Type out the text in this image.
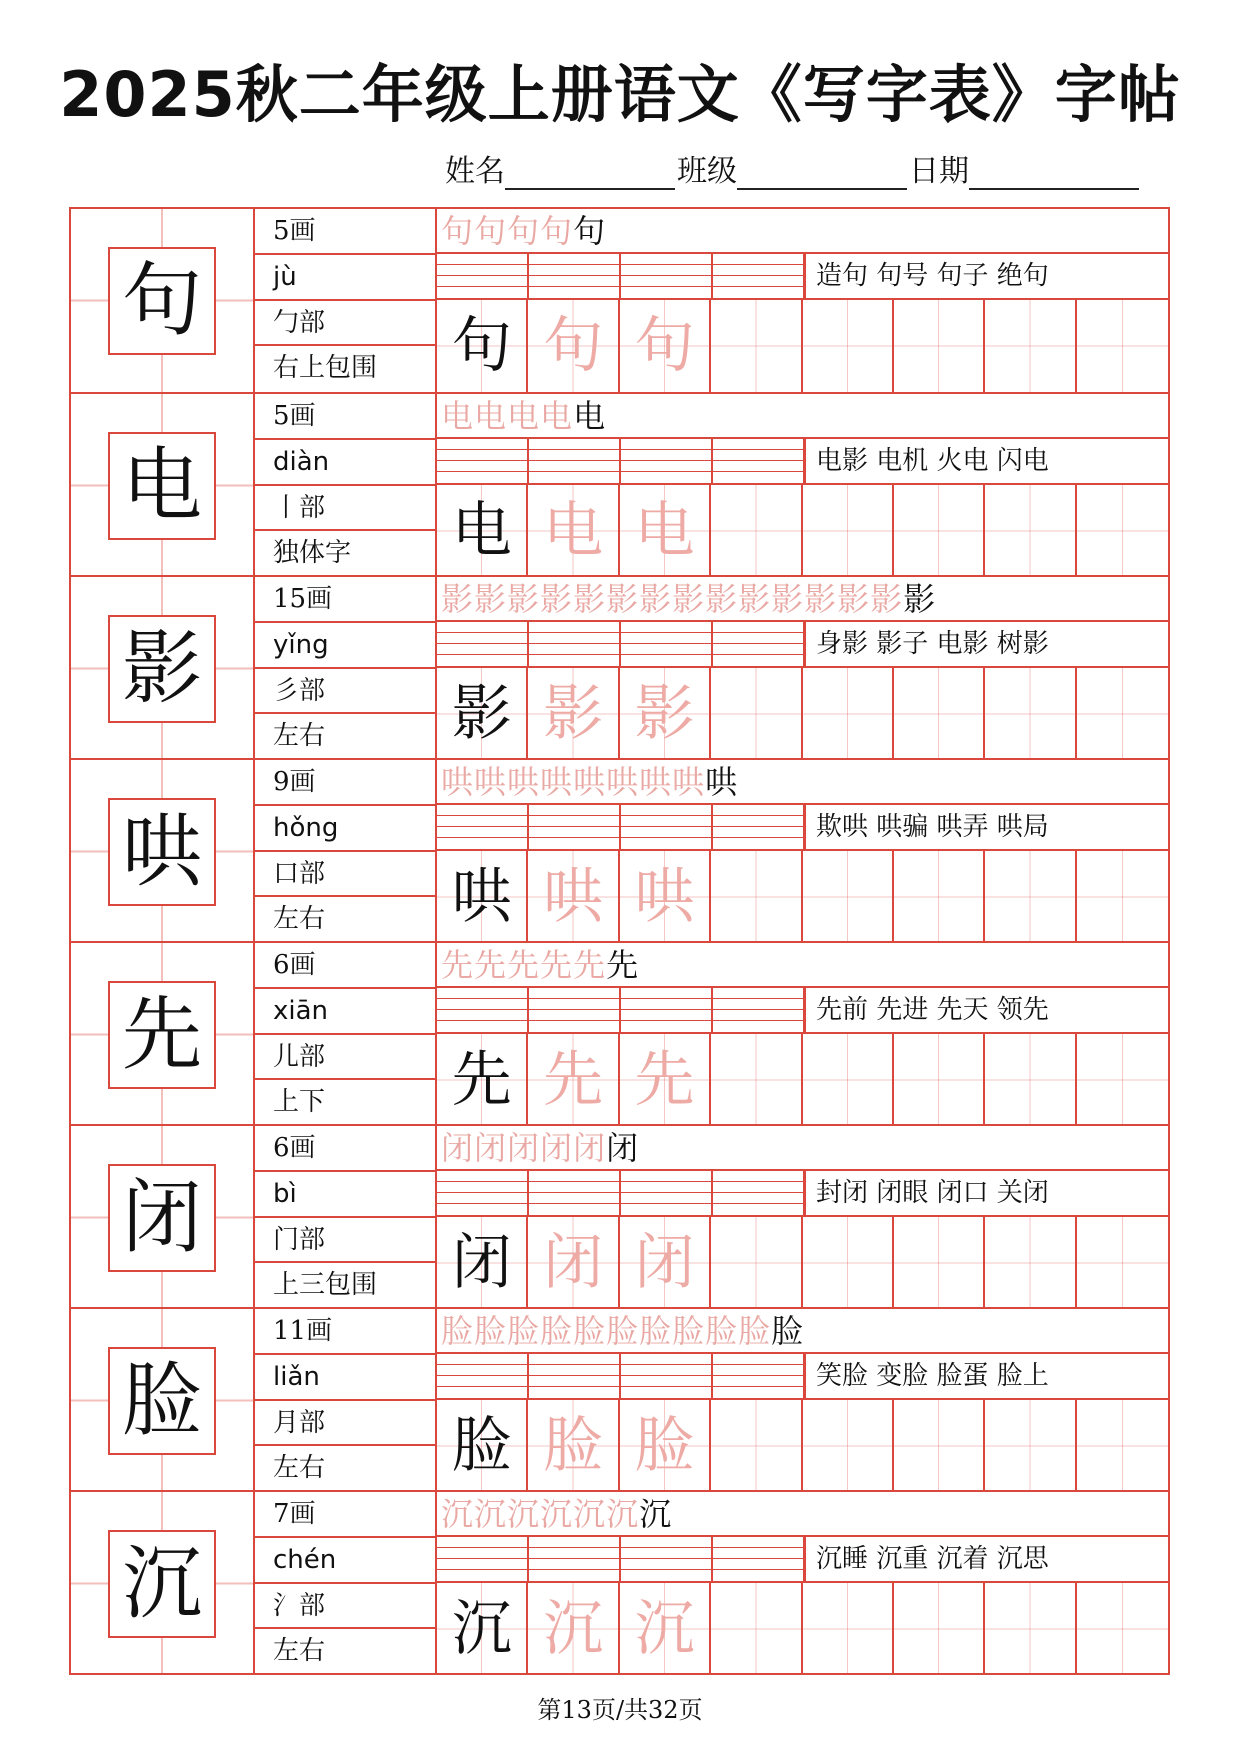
2025秋二年级上册语文《写字表》字帖
姓名	班级	日期
句
5画
jù
勹部
右上包围
句句句句句
造句 句号 句子 绝句
句 句 句
电
5画
diàn
丨部
独体字
电电电电电
电影 电机 火电 闪电
电 电 电
影
15画
yǐng
彡部
左右
影影影影影影影影影影影影影影影
身影 影子 电影 树影
影 影 影
哄
9画
hǒng
口部
左右
哄哄哄哄哄哄哄哄哄
欺哄 哄骗 哄弄 哄局
哄 哄 哄
先
6画
xiān
儿部
上下
先先先先先先
先前 先进 先天 领先
先 先 先
闭
6画
bì
门部
上三包围
闭闭闭闭闭闭
封闭 闭眼 闭口 关闭
闭 闭 闭
脸
11画
liǎn
月部
左右
脸脸脸脸脸脸脸脸脸脸脸
笑脸 变脸 脸蛋 脸上
脸 脸 脸
沉
7画
chén
氵部
左右
沉沉沉沉沉沉沉
沉睡 沉重 沉着 沉思
沉 沉 沉
第13页/共32页
